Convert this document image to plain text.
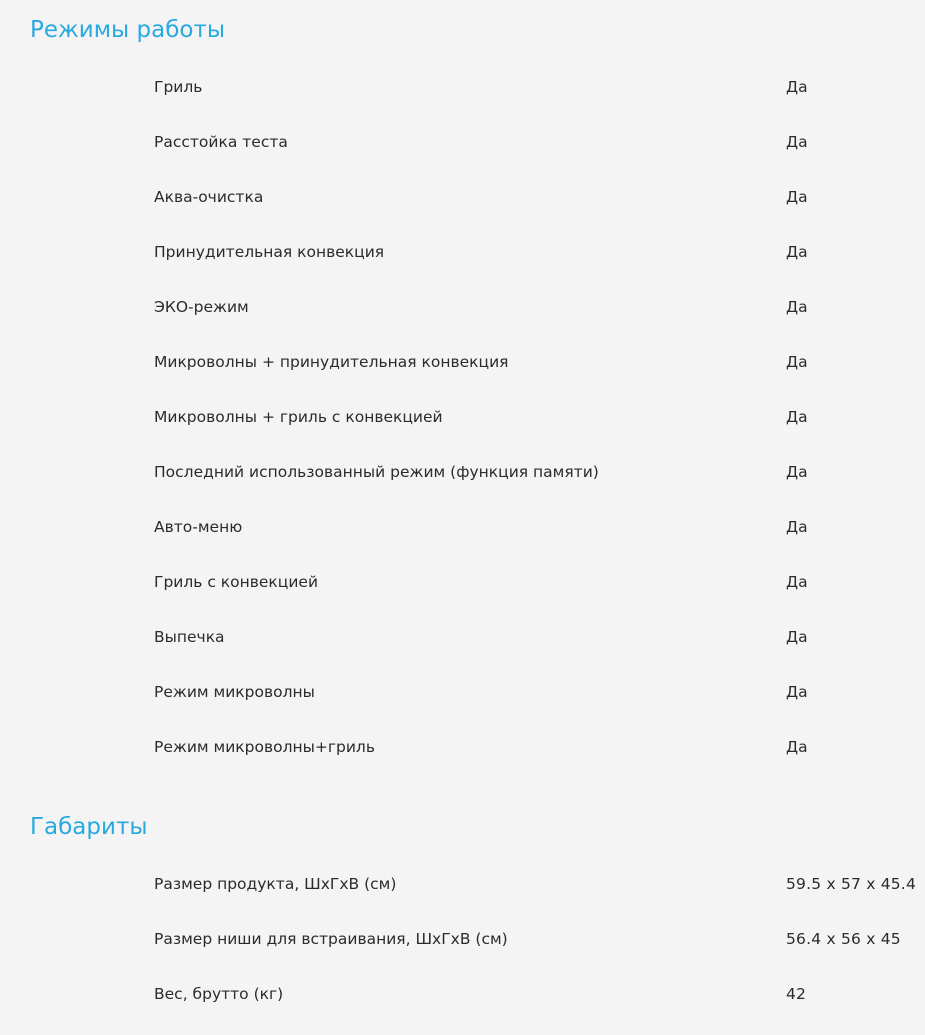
Режимы работы
Гриль	Да
Расстойка теста	Да
Аква-очистка	Да
Принудительная конвекция	Да
ЭКО-режим	Да
Микроволны + принудительная конвекция	Да
Микроволны + гриль с конвекцией	Да
Последний использованный режим (функция памяти)	Да
Авто-меню	Да
Гриль с конвекцией	Да
Выпечка	Да
Режим микроволны	Да
Режим микроволны+гриль	Да
Габариты
Размер продукта, ШхГхВ (см)	59.5 x 57 x 45.4
Размер ниши для встраивания, ШхГхВ (см)	56.4 x 56 x 45
Вес, брутто (кг)	42
